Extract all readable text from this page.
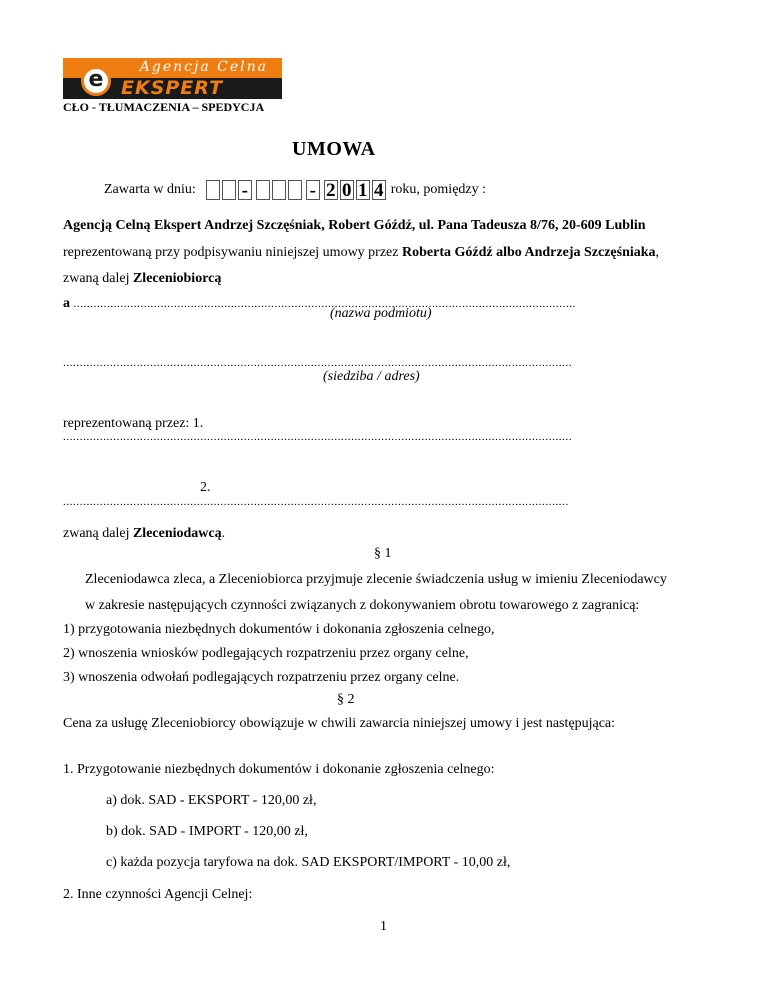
Agencja Celna
e EKSPERT
CŁO - TŁUMACZENIA – SPEDYCJA
UMOWA
Zawarta w dniu: -	- 2 0 1 4 roku, pomiędzy :
Agencją Celną Ekspert Andrzej Szczęśniak, Robert Góźdź, ul. Pana Tadeusza 8/76, 20-609 Lublin
reprezentowaną przy podpisywaniu niniejszej umowy przez Roberta Góźdź albo Andrzeja Szczęśniaka,
zwaną dalej Zleceniobiorcą
a ......................................................................................................................................................
(nazwa podmiotu)
........................................................................................................................................................
(siedziba / adres)
reprezentowaną przez: 1.
........................................................................................................................................................
2.
.......................................................................................................................................................
zwaną dalej Zleceniodawcą.
§ 1
Zleceniodawca zleca, a Zleceniobiorca przyjmuje zlecenie świadczenia usług w imieniu Zleceniodawcy
w zakresie następujących czynności związanych z dokonywaniem obrotu towarowego z zagranicą:
1) przygotowania niezbędnych dokumentów i dokonania zgłoszenia celnego,
2) wnoszenia wniosków podlegających rozpatrzeniu przez organy celne,
3) wnoszenia odwołań podlegających rozpatrzeniu przez organy celne.
§ 2
Cena za usługę Zleceniobiorcy obowiązuje w chwili zawarcia niniejszej umowy i jest następująca:
1. Przygotowanie niezbędnych dokumentów i dokonanie zgłoszenia celnego:
a) dok. SAD - EKSPORT - 120,00 zł,
b) dok. SAD - IMPORT - 120,00 zł,
c) każda pozycja taryfowa na dok. SAD EKSPORT/IMPORT - 10,00 zł,
2. Inne czynności Agencji Celnej:
1
